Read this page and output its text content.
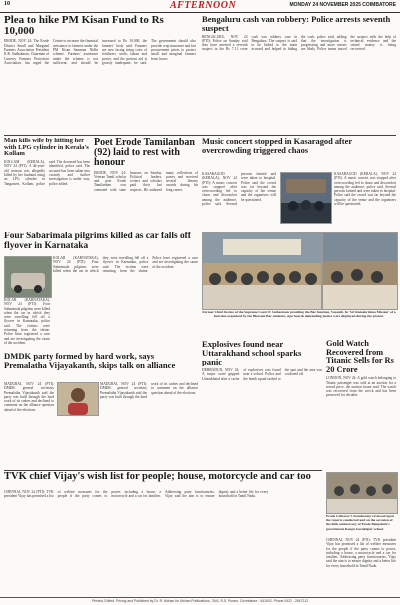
10	AFTERNOON	MONDAY 24 NOVEMBER 2025 COIMBATORE
Plea to hike PM Kisan Fund to Rs 10,000
ERODE, NOV 24: The Erode District Small and Marginal Farmers Association President K.R. Sudhakaran, Chairman of Cauvery Farmers Protection Association, has urged the Centre to increase the financial assistance to farmers under the PM Kisan Samman Nidhi scheme. Farmers' assistance under the scheme is not sufficient, and should be increased to Rs 10,000, the farmers' body said. Farmers are now facing rising costs of fertilizers, seeds, labour and power, and the present aid is grossly inadequate, he said. The government should also provide crop insurance and fair procurement prices to protect small and marginal farmers from losses.
Bengaluru cash van robbery: Police arrests seventh suspect
BENGALURU, NOV 24 (PTI): Police on Sunday said they have arrested a seventh suspect in the Rs 7.11 crore cash van robbery case in Bengaluru. The suspect is said to be linked to the main accused and helped in hiding the cash, police said, adding that the investigation is progressing and more arrests are likely. Police teams traced the suspect with the help of technical evidence and the seized money is being recovered.
Man kills wife by hitting her with LPG cylinder in Kerala's Kollam
KOLLAM (KERALA), NOV 24 (PTI): A 44-year-old woman was allegedly killed by her husband using an LPG cylinder in Tangasseri, Kollam, police said. The deceased has been identified, police said. The accused has been taken into custody and further investigation is under way, police added.
Poet Erode Tamilanban (92) laid to rest with honour
ERODE, NOV 24: Veteran Tamil scholar and poet Erode Tamilanban was cremated with state honours on Sunday. Political leaders, writers and scholars paid their last respects. He authored many collections of poetry and received several literary awards during his long career.
Music concert stopped in Kasaragod after overcrowding triggered chaos
KASARAGOD (KERALA), NOV 24 (PTI): A music concert was stopped after overcrowding led to chaos and discomfort among the audience, police said. Several persons fainted and were taken to hospital. Police said the crowd was far beyond the capacity of the venue and the organisers will be questioned.
KASARAGOD (KERALA), NOV 24 (PTI): A music concert was stopped after overcrowding led to chaos and discomfort among the audience, police said. Several persons fainted and were taken to hospital. Police said the crowd was far beyond the capacity of the venue and the organisers will be questioned.
Four Sabarimala pilgrims killed as car falls off flyover in Karnataka
KOLAR (KARNATAKA), NOV 24 (PTI): Four Sabarimala pilgrims were killed when the car in which they were travelling fell off a flyover in Karnataka, police said. The victims were returning from the shrine. Police have registered a case and are investigating the cause of the accident.
KOLAR (KARNATAKA), NOV 24 (PTI): Four Sabarimala pilgrims were killed when the car in which they were travelling fell off a flyover in Karnataka, police said. The victims were returning from the shrine. Police have registered a case and are investigating the cause of the accident.
Former Chief Justice of the Supreme Court P. Sathasivam presiding the Bar function, Vasanth. In 'Sri Ramakrishna Mission' of a function organised by the Bhavani Bar students, sign boards demanding justice were displayed during the protest.
DMDK party formed by hard work, says Premalatha Vijayakanth, skips talk on alliance
MADURAI, NOV 24 (PTI): DMDK general secretary Premalatha Vijayakanth said the party was built through the hard work of its cadres and declined to comment on the alliance question ahead of the elections.
MADURAI, NOV 24 (PTI): DMDK general secretary Premalatha Vijayakanth said the party was built through the hard work of its cadres and declined to comment on the alliance question ahead of the elections.
Explosives found near Uttarakhand school sparks panic
DEHRADUN, NOV 24: A major scare gripped Uttarakhand after a cache of explosives was found near a school. Police and the bomb squad rushed to the spot and the area was cordoned off.
Gold Watch Recovered from Titanic Sells for Rs 20 Crore
LONDON, NOV 24: A gold watch belonging to Titanic passenger was sold at an auction for a record price, the auction house said. The watch was recovered from the wreck and has been preserved for decades.
Erode Collector S Kandasamy reviewed upon the reports conducted and on the occasion of the 66th anniversary of Erode Bengaluru's government Kongu Gorakhpur school.
TVK chief Vijay's wish list for people; house, motorcycle and car too
CHENNAI, NOV 24 (PTI): TVK president Vijay has promised a list of welfare measures for the people if the party comes to power, including a house, a motorcycle and a car for families. Addressing party functionaries, Vijay said the aim is to ensure dignity and a better life for every household in Tamil Nadu.
CHENNAI, NOV 24 (PTI): TVK president Vijay has promised a list of welfare measures for the people if the party comes to power, including a house, a motorcycle and a car for families. Addressing party functionaries, Vijay said the aim is to ensure dignity and a better life for every household in Tamil Nadu.
Printed, Edited, Pricing and Published by Dr. R. Mohan for Mohan Publications, 76/A, R.S. Puram, Coimbatore - 641002. Phone 0422 - 2547212
